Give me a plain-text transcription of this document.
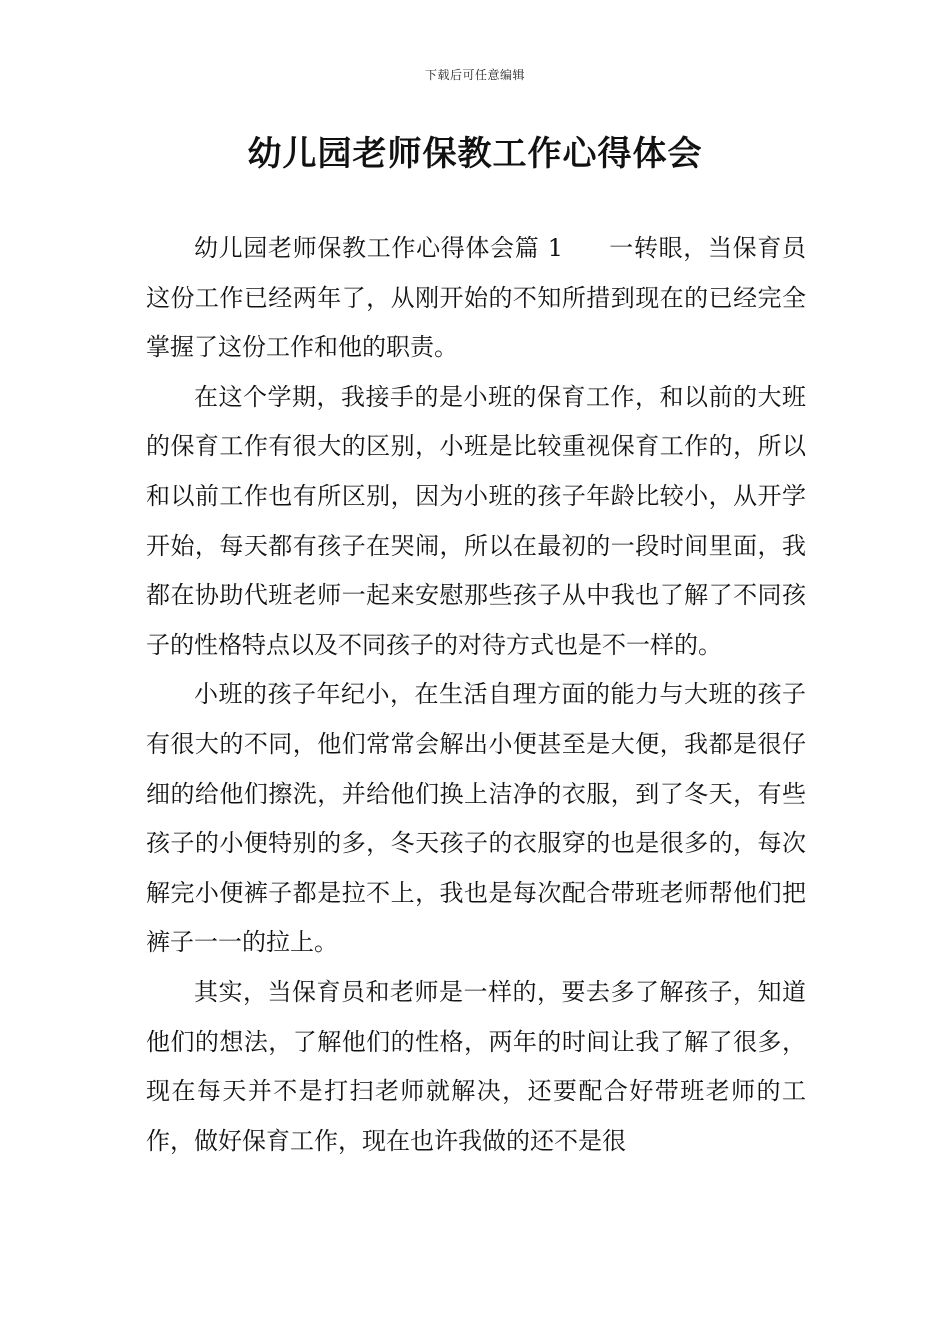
下载后可任意编辑
幼儿园老师保教工作心得体会

幼儿园老师保教工作心得体会篇 1 一转眼，当保育员这份工作已经两年了，从刚开始的不知所措到现在的已经完全掌握了这份工作和他的职责。

在这个学期，我接手的是小班的保育工作，和以前的大班的保育工作有很大的区别，小班是比较重视保育工作的，所以和以前工作也有所区别，因为小班的孩子年龄比较小，从开学开始，每天都有孩子在哭闹，所以在最初的一段时间里面，我都在协助代班老师一起来安慰那些孩子从中我也了解了不同孩子的性格特点以及不同孩子的对待方式也是不一样的。

小班的孩子年纪小，在生活自理方面的能力与大班的孩子有很大的不同，他们常常会解出小便甚至是大便，我都是很仔细的给他们擦洗，并给他们换上洁净的衣服，到了冬天，有些孩子的小便特别的多，冬天孩子的衣服穿的也是很多的，每次解完小便裤子都是拉不上，我也是每次配合带班老师帮他们把裤子一一的拉上。

其实，当保育员和老师是一样的，要去多了解孩子，知道他们的想法，了解他们的性格，两年的时间让我了解了很多，现在每天并不是打扫老师就解决，还要配合好带班老师的工作，做好保育工作，现在也许我做的还不是很
